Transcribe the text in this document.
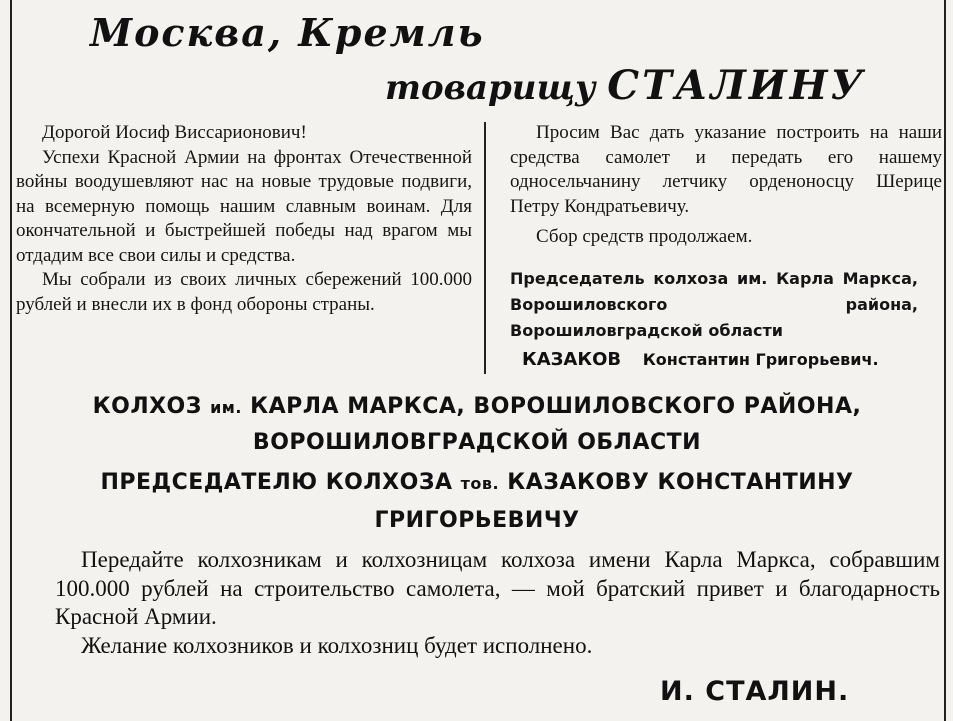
Москва, Кремль
товарищу СТАЛИНУ

Дорогой Иосиф Виссарионович!

Успехи Красной Армии на фронтах Отечественной войны воодушевляют нас на новые трудовые подвиги, на всемерную помощь нашим славным воинам. Для окончательной и быстрейшей победы над врагом мы отдадим все свои силы и средства.

Мы собрали из своих личных сбережений 100.000 рублей и внесли их в фонд обороны страны.

Просим Вас дать указание построить на наши средства самолет и передать его нашему односельчанину летчику орденоносцу Шерице Петру Кондратьевичу.

Сбор средств продолжаем.

Председатель колхоза им. Карла Маркса, Ворошиловского района, Ворошиловградской области
КАЗАКОВ Константин Григорьевич.
КОЛХОЗ им. КАРЛА МАРКСА, ВОРОШИЛОВСКОГО РАЙОНА,
ВОРОШИЛОВГРАДСКОЙ ОБЛАСТИ
ПРЕДСЕДАТЕЛЮ КОЛХОЗА тов. КАЗАКОВУ КОНСТАНТИНУ
ГРИГОРЬЕВИЧУ

Передайте колхозникам и колхозницам колхоза имени Карла Маркса, собравшим 100.000 рублей на строительство самолета, — мой братский привет и благодарность Красной Армии.

Желание колхозников и колхозниц будет исполнено.

И. СТАЛИН.
